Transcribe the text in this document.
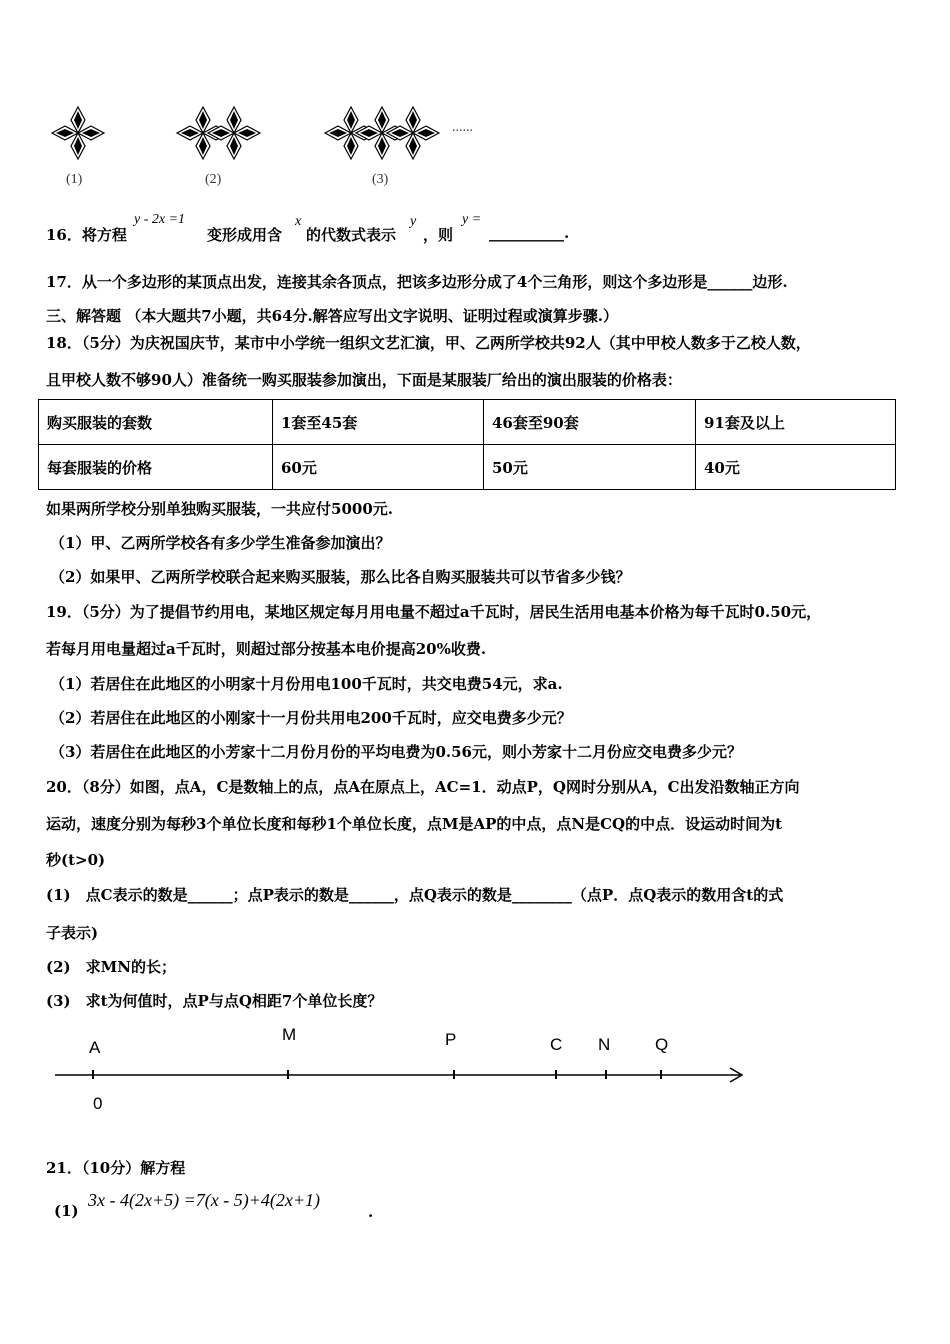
(1)	(2)	(3)
......
16．将方程
y - 2x =1
变形成用含
x
的代数式表示
y
，则
y =
__________.
17．从一个多边形的某顶点出发，连接其余各顶点，把该多边形分成了4个三角形，则这个多边形是______边形.
三、解答题 （本大题共7小题，共64分.解答应写出文字说明、证明过程或演算步骤.）
18．（5分）为庆祝国庆节，某市中小学统一组织文艺汇演，甲、乙两所学校共92人（其中甲校人数多于乙校人数，
且甲校人数不够90人）准备统一购买服装参加演出，下面是某服装厂给出的演出服装的价格表：
购买服装的套数	1套至45套	46套至90套	91套及以上
每套服装的价格	60元	50元	40元
如果两所学校分别单独购买服装，一共应付5000元.
（1）甲、乙两所学校各有多少学生准备参加演出？
（2）如果甲、乙两所学校联合起来购买服装，那么比各自购买服装共可以节省多少钱？
19．（5分）为了提倡节约用电，某地区规定每月用电量不超过a千瓦时，居民生活用电基本价格为每千瓦时0.50元，
若每月用电量超过a千瓦时，则超过部分按基本电价提高20%收费.
（1）若居住在此地区的小明家十月份用电100千瓦时，共交电费54元，求a.
（2）若居住在此地区的小刚家十一月份共用电200千瓦时，应交电费多少元？
（3）若居住在此地区的小芳家十二月份月份的平均电费为0.56元，则小芳家十二月份应交电费多少元？
20．（8分）如图，点A，C是数轴上的点，点A在原点上，AC=1．动点P，Q网时分别从A，C出发沿数轴正方向
运动，速度分别为每秒3个单位长度和每秒1个单位长度，点M是AP的中点，点N是CQ的中点．设运动时间为t
秒(t>0)
(1)　点C表示的数是______；点P表示的数是______，点Q表示的数是________（点P．点Q表示的数用含t的式
子表示)
(2)　求MN的长；
(3)　求t为何值时，点P与点Q相距7个单位长度？
A
M	P	C N	Q
0
21．（10分）解方程
(1)
3x - 4(2x+5) =7(x - 5)+4(2x+1)
.
